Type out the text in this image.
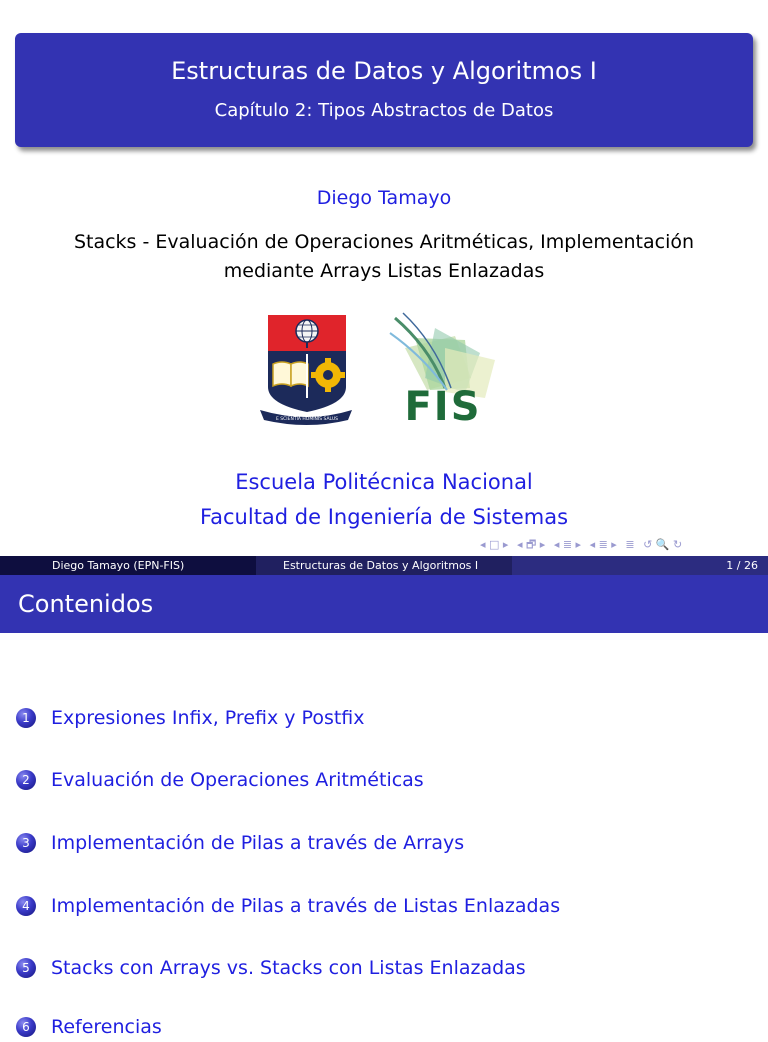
Estructuras de Datos y Algoritmos I
Capítulo 2: Tipos Abstractos de Datos
Diego Tamayo
Stacks - Evaluación de Operaciones Aritméticas, Implementación
mediante Arrays Listas Enlazadas
E SCIENTIA HOMINIS SALUS FIS
Escuela Politécnica Nacional
Facultad de Ingeniería de Sistemas
◂ □ ▸ ◂ 🗗 ▸ ◂ ≣ ▸ ◂ ≣ ▸ ≣ ↺ 🔍 ↻
Diego Tamayo (EPN-FIS)	Estructuras de Datos y Algoritmos I	1 / 26
Contenidos
1	Expresiones Infix, Prefix y Postfix
2	Evaluación de Operaciones Aritméticas
3	Implementación de Pilas a través de Arrays
4	Implementación de Pilas a través de Listas Enlazadas
5	Stacks con Arrays vs. Stacks con Listas Enlazadas
6	Referencias
